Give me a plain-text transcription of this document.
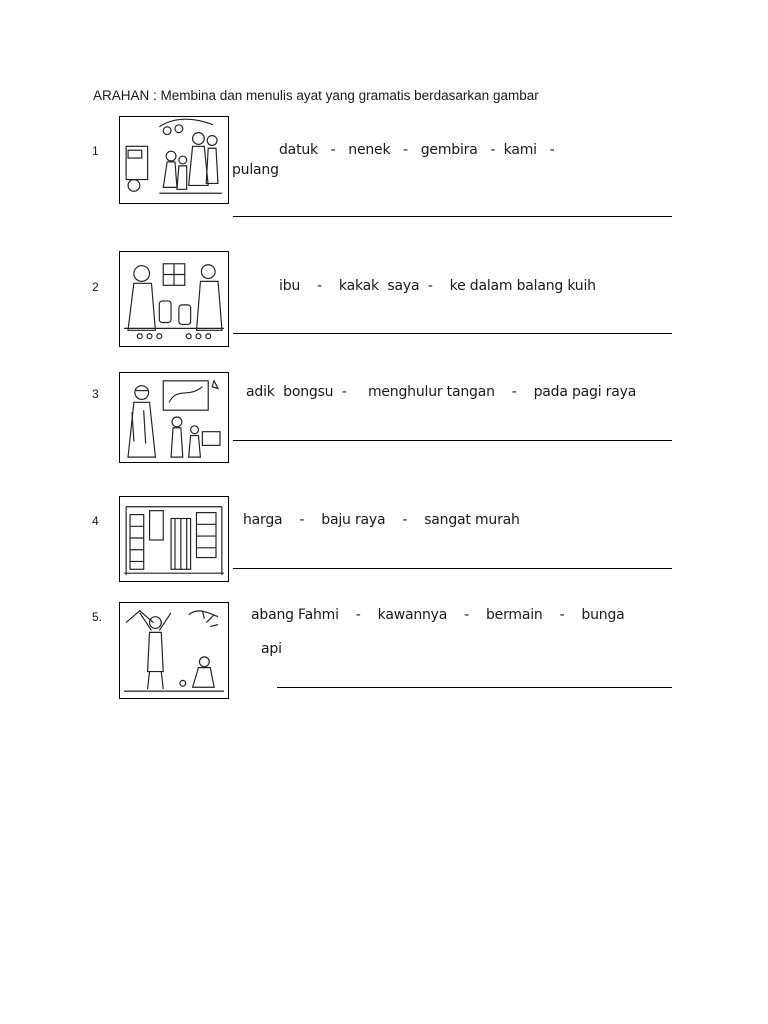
ARAHAN : Membina dan menulis ayat yang gramatis berdasarkan gambar
1	datuk   -   nenek   -   gembira   -  kami   -
pulang
2	ibu    -    kakak  saya  -    ke dalam balang kuih
3	adik  bongsu  -     menghulur tangan    -    pada pagi raya
4	harga    -    baju raya    -    sangat murah
5.	abang Fahmi    -    kawannya    -    bermain    -    bunga
api
